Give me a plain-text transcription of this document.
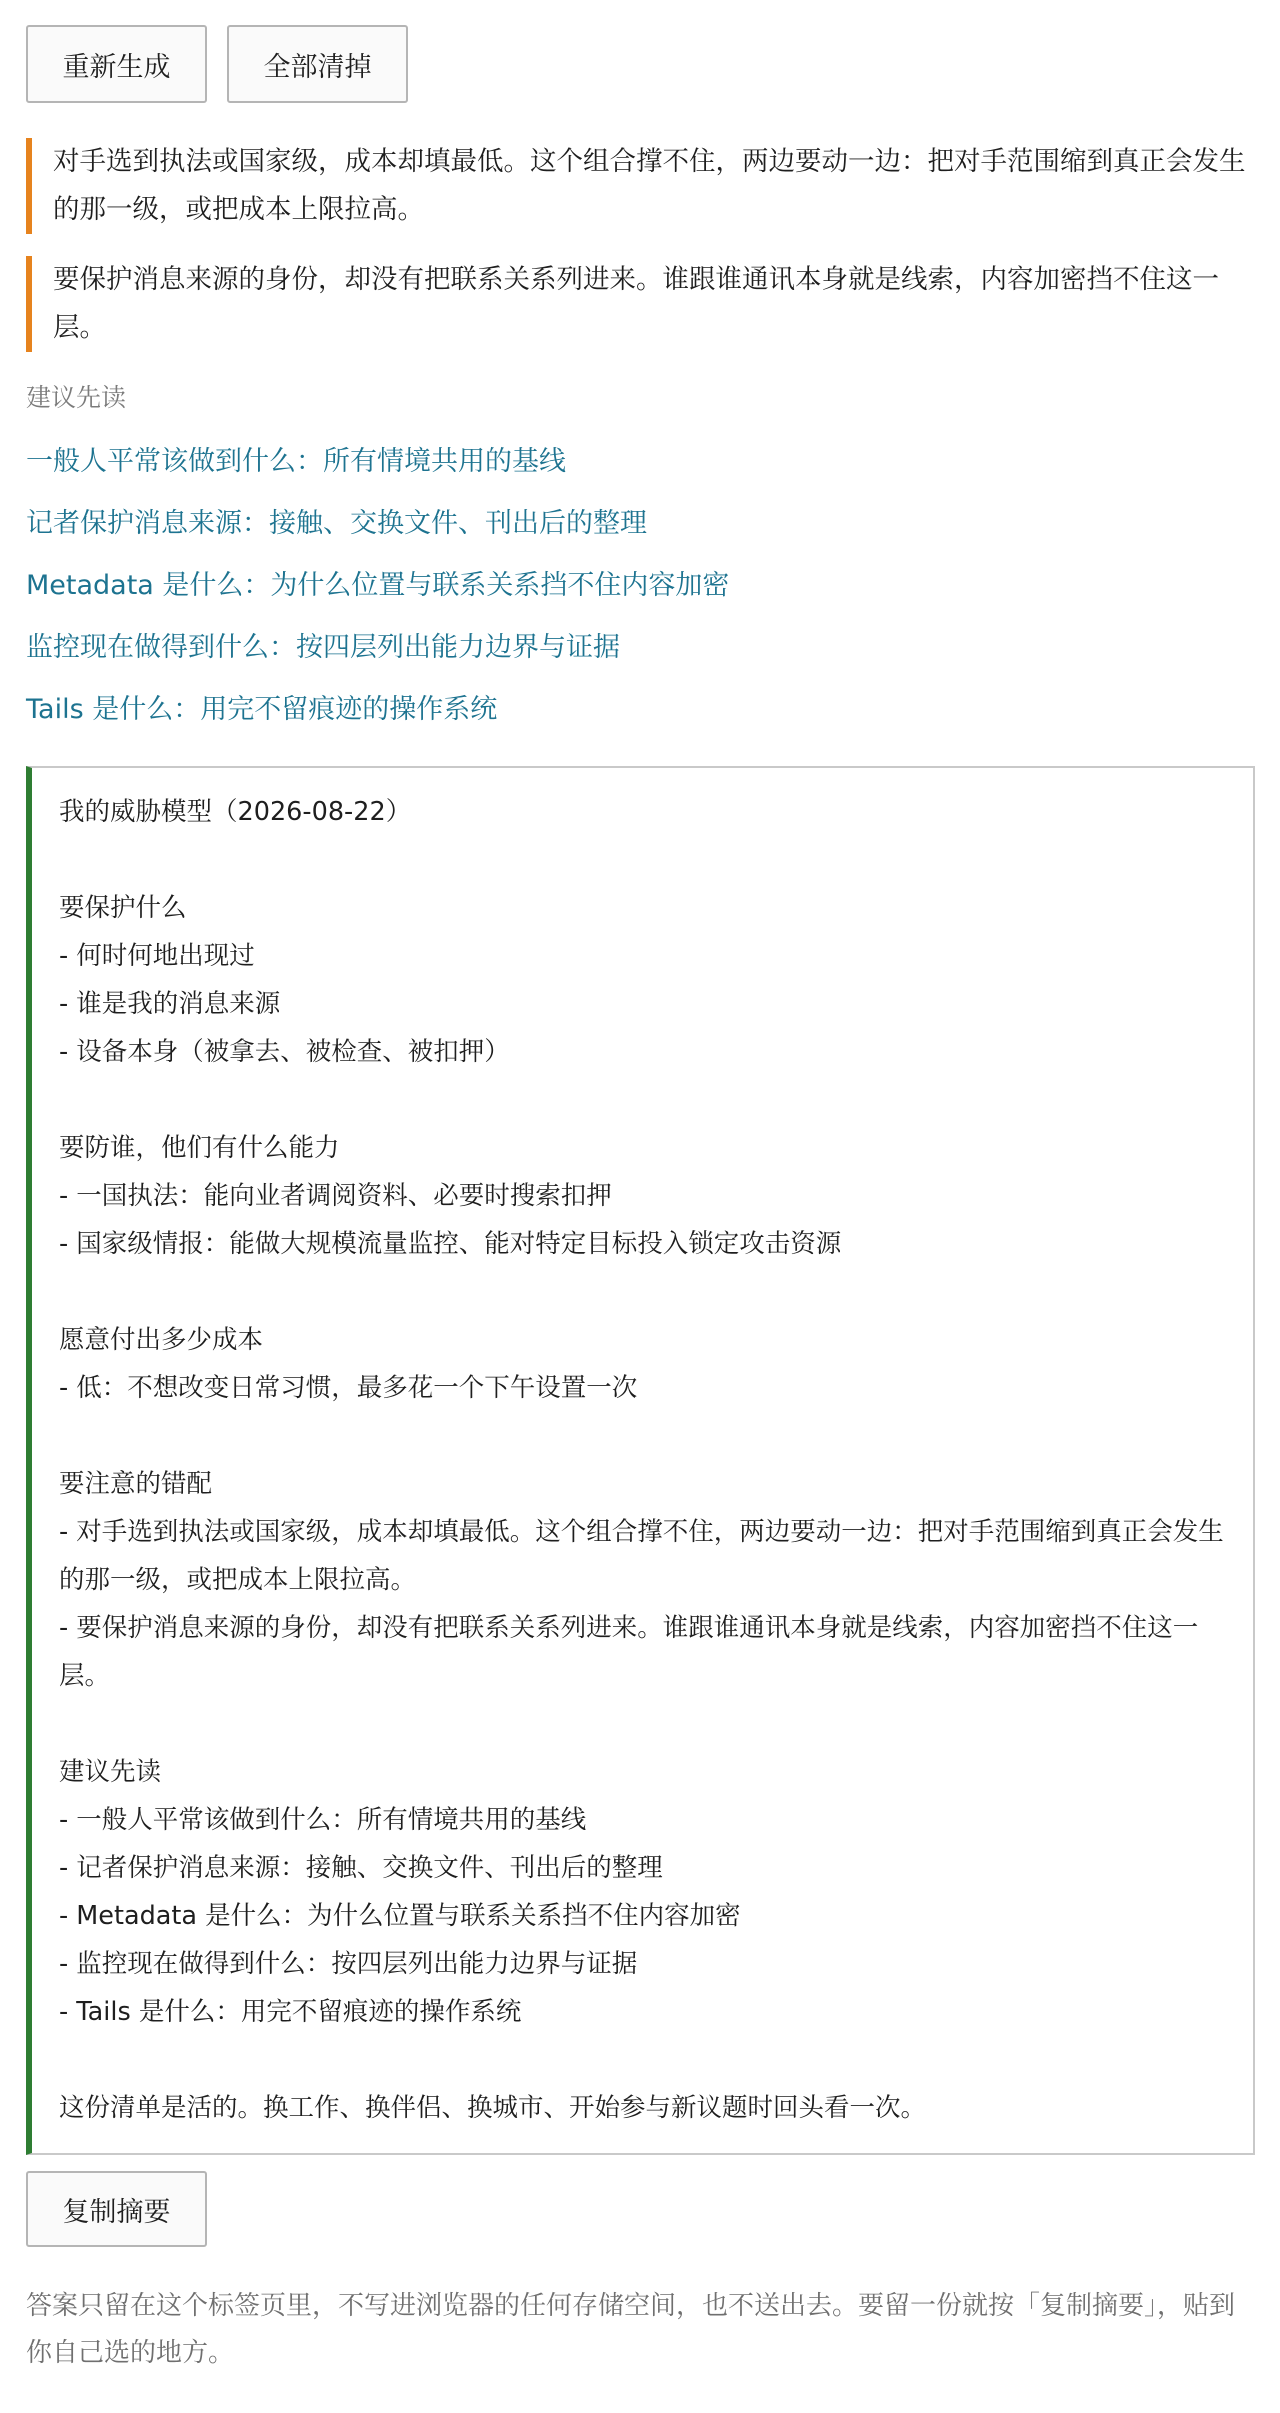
重新生成	全部清掉
对手选到执法或国家级，成本却填最低。这个组合撑不住，两边要动一边：把对手范围缩到真正会发生的那一级，或把成本上限拉高。
要保护消息来源的身份，却没有把联系关系列进来。谁跟谁通讯本身就是线索，内容加密挡不住这一层。
建议先读
一般人平常该做到什么：所有情境共用的基线
记者保护消息来源：接触、交换文件、刊出后的整理
Metadata 是什么：为什么位置与联系关系挡不住内容加密
监控现在做得到什么：按四层列出能力边界与证据
Tails 是什么：用完不留痕迹的操作系统
我的威胁模型（2026-08-22）
要保护什么
- 何时何地出现过
- 谁是我的消息来源
- 设备本身（被拿去、被检查、被扣押）
要防谁，他们有什么能力
- 一国执法：能向业者调阅资料、必要时搜索扣押
- 国家级情报：能做大规模流量监控、能对特定目标投入锁定攻击资源
愿意付出多少成本
- 低：不想改变日常习惯，最多花一个下午设置一次
要注意的错配
- 对手选到执法或国家级，成本却填最低。这个组合撑不住，两边要动一边：把对手范围缩到真正会发生的那一级，或把成本上限拉高。
- 要保护消息来源的身份，却没有把联系关系列进来。谁跟谁通讯本身就是线索，内容加密挡不住这一层。
建议先读
- 一般人平常该做到什么：所有情境共用的基线
- 记者保护消息来源：接触、交换文件、刊出后的整理
- Metadata 是什么：为什么位置与联系关系挡不住内容加密
- 监控现在做得到什么：按四层列出能力边界与证据
- Tails 是什么：用完不留痕迹的操作系统
这份清单是活的。换工作、换伴侣、换城市、开始参与新议题时回头看一次。
复制摘要
答案只留在这个标签页里，不写进浏览器的任何存储空间，也不送出去。要留一份就按「复制摘要」，贴到你自己选的地方。
